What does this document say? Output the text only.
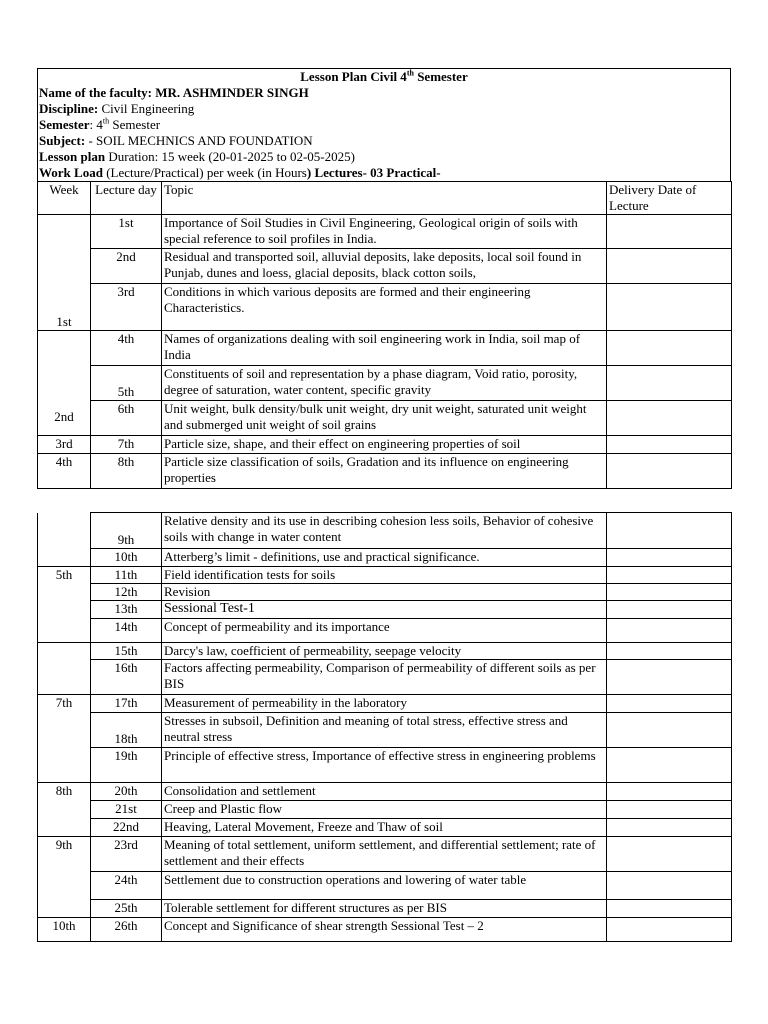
Lesson Plan Civil 4th Semester
Name of the faculty: MR. ASHMINDER SINGH
Discipline: Civil Engineering
Semester: 4th Semester
Subject: - SOIL MECHNICS AND FOUNDATION
Lesson plan Duration: 15 week (20-01-2025 to 02-05-2025)
Work Load (Lecture/Practical) per week (in Hours) Lectures- 03 Practical-
Week	Lecture day	Topic	Delivery Date of Lecture
1st	1st	Importance of Soil Studies in Civil Engineering, Geological origin of soils with special reference to soil profiles in India.	
	2nd	Residual and transported soil, alluvial deposits, lake deposits, local soil found in Punjab, dunes and loess, glacial deposits, black cotton soils,	
	3rd	Conditions in which various deposits are formed and their engineering Characteristics.	
2nd	4th	Names of organizations dealing with soil engineering work in India, soil map of India	
	5th	Constituents of soil and representation by a phase diagram, Void ratio, porosity, degree of saturation, water content, specific gravity	
	6th	Unit weight, bulk density/bulk unit weight, dry unit weight, saturated unit weight and submerged unit weight of soil grains	
3rd	7th	Particle size, shape, and their effect on engineering properties of soil	
4th	8th	Particle size classification of soils, Gradation and its influence on engineering properties	
	9th	Relative density and its use in describing cohesion less soils, Behavior of cohesive soils with change in water content	
	10th	Atterberg’s limit - definitions, use and practical significance.	
5th	11th	Field identification tests for soils	
	12th	Revision	
	13th	Sessional Test-1	
	14th	Concept of permeability and its importance	
	15th	Darcy's law, coefficient of permeability, seepage velocity	
	16th	Factors affecting permeability, Comparison of permeability of different soils as per BIS	
7th	17th	Measurement of permeability in the laboratory	
	18th	Stresses in subsoil, Definition and meaning of total stress, effective stress and neutral stress	
	19th	Principle of effective stress, Importance of effective stress in engineering problems	
8th	20th	Consolidation and settlement	
	21st	Creep and Plastic flow	
	22nd	Heaving, Lateral Movement, Freeze and Thaw of soil	
9th	23rd	Meaning of total settlement, uniform settlement, and differential settlement; rate of settlement and their effects	
	24th	Settlement due to construction operations and lowering of water table	
	25th	Tolerable settlement for different structures as per BIS	
10th	26th	Concept and Significance of shear strength Sessional Test – 2	
